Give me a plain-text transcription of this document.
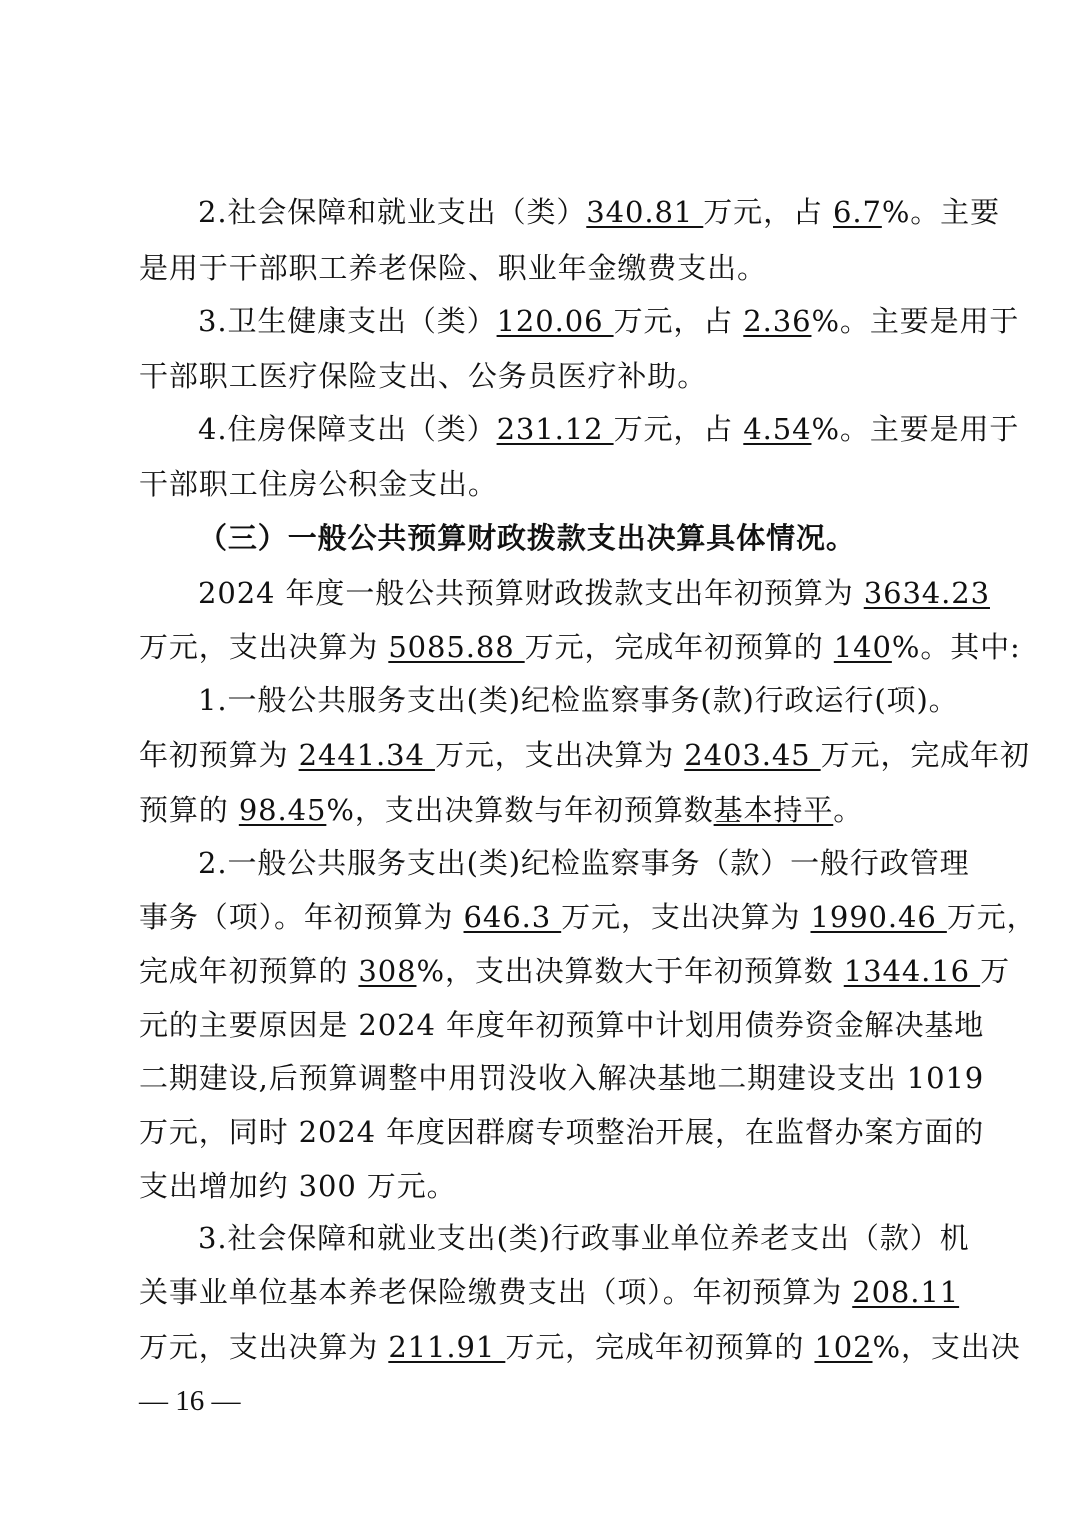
2.社会保障和就业支出（类）340.81 万元，占 6.7%。主要
是用于干部职工养老保险、职业年金缴费支出。
3.卫生健康支出（类）120.06 万元，占 2.36%。主要是用于
干部职工医疗保险支出、公务员医疗补助。
4.住房保障支出（类）231.12 万元，占 4.54%。主要是用于
干部职工住房公积金支出。
（三）一般公共预算财政拨款支出决算具体情况。
2024 年度一般公共预算财政拨款支出年初预算为 3634.23
万元，支出决算为 5085.88 万元，完成年初预算的 140%。其中:
1.一般公共服务支出(类)纪检监察事务(款)行政运行(项)。
年初预算为 2441.34 万元，支出决算为 2403.45 万元，完成年初
预算的 98.45%，支出决算数与年初预算数基本持平。
2.一般公共服务支出(类)纪检监察事务（款）一般行政管理
事务（项）。年初预算为 646.3 万元，支出决算为 1990.46 万元，
完成年初预算的 308%，支出决算数大于年初预算数 1344.16 万
元的主要原因是 2024 年度年初预算中计划用债券资金解决基地
二期建设,后预算调整中用罚没收入解决基地二期建设支出 1019
万元，同时 2024 年度因群腐专项整治开展，在监督办案方面的
支出增加约 300 万元。
3.社会保障和就业支出(类)行政事业单位养老支出（款）机
关事业单位基本养老保险缴费支出（项）。年初预算为 208.11
万元，支出决算为 211.91 万元，完成年初预算的 102%，支出决
— 16 —
